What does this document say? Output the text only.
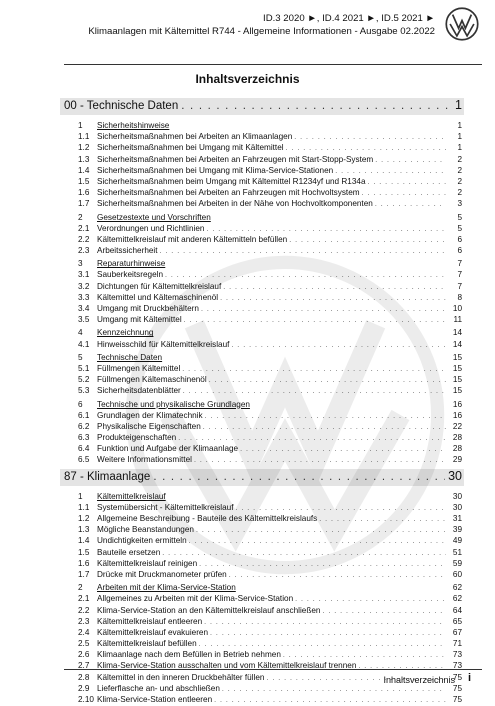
ID.3 2020 ►, ID.4 2021 ►, ID.5 2021 ►
Klimaanlagen mit Kältemittel R744 - Allgemeine Informationen - Ausgabe 02.2022
Inhaltsverzeichnis
00 - Technische Daten . . .	1
1	Sicherheitshinweise	1
1.1 Sicherheitsmaßnahmen bei Arbeiten an Klimaanlagen . . .	1
1.2 Sicherheitsmaßnahmen bei Umgang mit Kältemittel . . .	1
1.3 Sicherheitsmaßnahmen bei Arbeiten an Fahrzeugen mit Start-Stopp-System . . .	2
1.4 Sicherheitsmaßnahmen bei Umgang mit Klima-Service-Stationen . . .	2
1.5 Sicherheitsmaßnahmen beim Umgang mit Kältemittel R1234yf und R134a . . .	2
1.6 Sicherheitsmaßnahmen bei Arbeiten an Fahrzeugen mit Hochvoltsystem . . .	2
1.7 Sicherheitsmaßnahmen bei Arbeiten in der Nähe von Hochvoltkomponenten . . .	3
2	Gesetzestexte und Vorschriften	5
2.1 Verordnungen und Richtlinien . . .	5
2.2 Kältemittelkreislauf mit anderen Kältemitteln befüllen . . .	6
2.3 Arbeitssicherheit . . .	6
3	Reparaturhinweise	7
3.1 Sauberkeitsregeln . . .	7
3.2 Dichtungen für Kältemittelkreislauf . . .	7
3.3 Kältemittel und Kältemaschinenöl . . .	8
3.4 Umgang mit Druckbehältern . . .	10
3.5 Umgang mit Kältemittel . . .	11
4	Kennzeichnung	14
4.1 Hinweisschild für Kältemittelkreislauf . . .	14
5	Technische Daten	15
5.1 Füllmengen Kältemittel . . .	15
5.2 Füllmengen Kältemaschinenöl . . .	15
5.3 Sicherheitsdatenblätter . . .	15
6	Technische und physikalische Grundlagen	16
6.1 Grundlagen der Klimatechnik . . .	16
6.2 Physikalische Eigenschaften . . .	22
6.3 Produkteigenschaften . . .	28
6.4 Funktion und Aufgabe der Klimaanlage . . .	28
6.5 Weitere Informationsmittel . . .	29
87 - Klimaanlage . . .	30
1	Kältemittelkreislauf	30
1.1 Systemübersicht - Kältemittelkreislauf . . .	30
1.2 Allgemeine Beschreibung - Bauteile des Kältemittelkreislaufs . . .	31
1.3 Mögliche Beanstandungen . . .	39
1.4 Undichtigkeiten ermitteln . . .	49
1.5 Bauteile ersetzen . . .	51
1.6 Kältemittelkreislauf reinigen . . .	59
1.7 Drücke mit Druckmanometer prüfen . . .	60
2	Arbeiten mit der Klima-Service-Station	62
2.1 Allgemeines zu Arbeiten mit der Klima-Service-Station . . .	62
2.2 Klima-Service-Station an den Kältemittelkreislauf anschließen . . .	64
2.3 Kältemittelkreislauf entleeren . . .	65
2.4 Kältemittelkreislauf evakuieren . . .	67
2.5 Kältemittelkreislauf befüllen . . .	71
2.6 Klimaanlage nach dem Befüllen in Betrieb nehmen . . .	73
2.7 Klima-Service-Station ausschalten und vom Kältemittelkreislauf trennen . . .	73
2.8 Kältemittel in den inneren Druckbehälter füllen . . .	75
2.9 Lieferflasche an- und abschließen . . .	75
2.10 Klima-Service-Station entleeren . . .	75
Inhaltsverzeichnis i
